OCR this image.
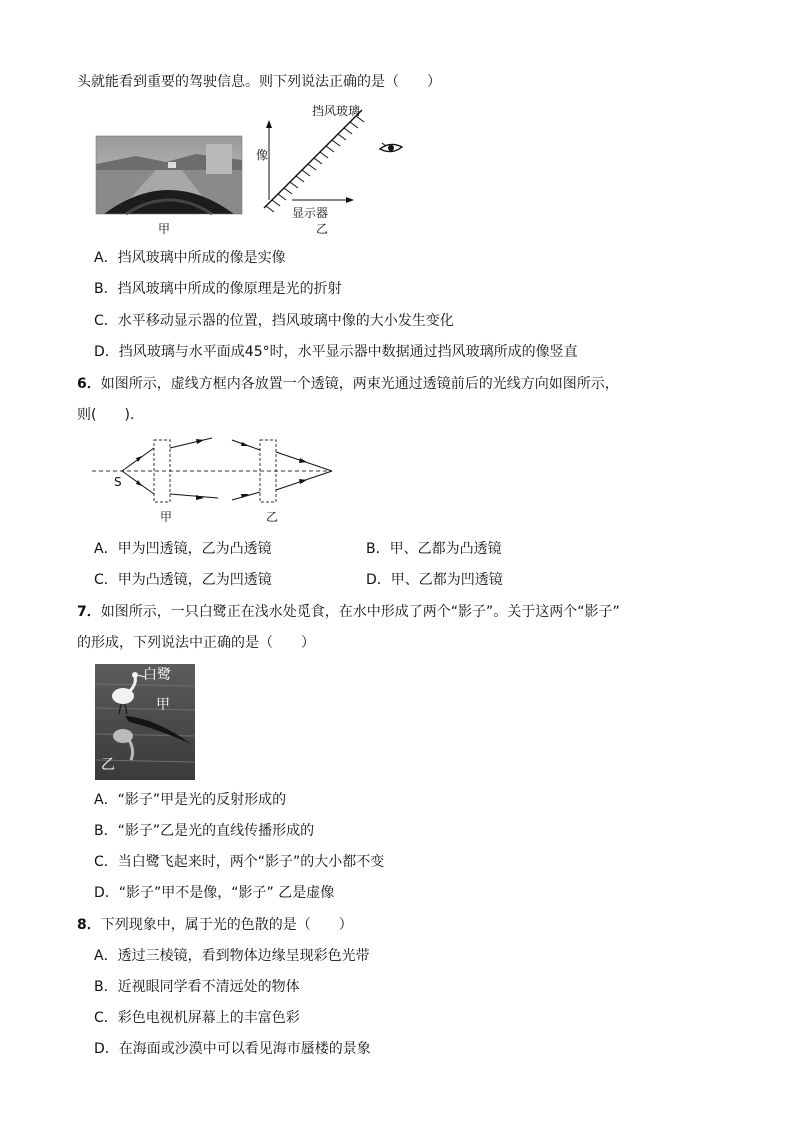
头就能看到重要的驾驶信息。则下列说法正确的是（　　）
甲
挡风玻璃
像
显示器
乙
A．挡风玻璃中所成的像是实像
B．挡风玻璃中所成的像原理是光的折射
C．水平移动显示器的位置，挡风玻璃中像的大小发生变化
D．挡风玻璃与水平面成45°时，水平显示器中数据通过挡风玻璃所成的像竖直
6．如图所示，虚线方框内各放置一个透镜，两束光通过透镜前后的光线方向如图所示，
则(　　).
S
甲	乙
A．甲为凹透镜，乙为凸透镜	B．甲、乙都为凸透镜
C．甲为凸透镜，乙为凹透镜	D．甲、乙都为凹透镜
7．如图所示，一只白鹭正在浅水处觅食，在水中形成了两个“影子”。关于这两个“影子”
的形成，下列说法中正确的是（　　）
白鹭
甲
乙
A．“影子”甲是光的反射形成的
B．“影子”乙是光的直线传播形成的
C．当白鹭飞起来时，两个“影子”的大小都不变
D．“影子”甲不是像，“影子” 乙是虚像
8．下列现象中，属于光的色散的是（　　）
A．透过三棱镜，看到物体边缘呈现彩色光带
B．近视眼同学看不清远处的物体
C．彩色电视机屏幕上的丰富色彩
D．在海面或沙漠中可以看见海市蜃楼的景象
